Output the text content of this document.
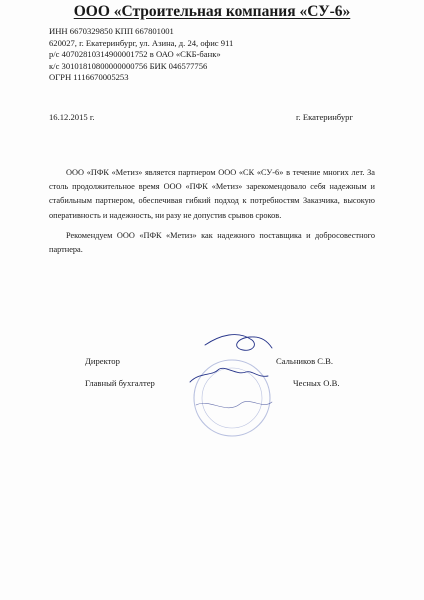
ООО «Строительная компания «СУ-6»
ИНН 6670329850 КПП 667801001
620027, г. Екатеринбург, ул. Азина, д. 24, офис 911
р/с 40702810314900001752 в ОАО «СКБ-банк»
к/с 30101810800000000756 БИК 046577756
ОГРН 1116670005253
16.12.2015 г.	г. Екатеринбург

ООО «ПФК «Метиз» является партнером ООО «СК «СУ-6» в течение многих лет. За столь продолжительное время ООО «ПФК «Метиз» зарекомендовало себя надежным и стабильным партнером, обеспечивая гибкий подход к потребностям Заказчика, высокую оперативность и надежность, ни разу не допустив срывов сроков.

Рекомендуем ООО «ПФК «Метиз» как надежного поставщика и добросовестного партнера.

Директор	Сальников С.В.
Главный бухгалтер	Чесных О.В.
